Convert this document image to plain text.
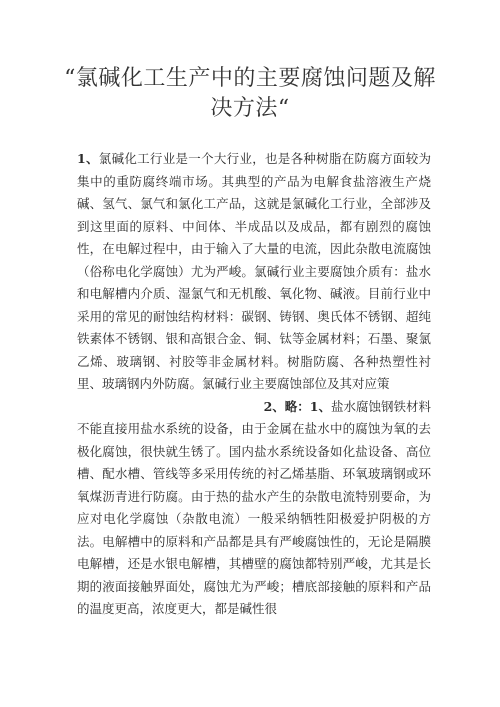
“氯碱化工生产中的主要腐蚀问题及解决方法“

1、氯碱化工行业是一个大行业，也是各种树脂在防腐方面较为集中的重防腐终端市场。其典型的产品为电解食盐溶液生产烧碱、氢气、氯气和氯化工产品，这就是氯碱化工行业，全部涉及到这里面的原料、中间体、半成品以及成品，都有剧烈的腐蚀性，在电解过程中，由于输入了大量的电流，因此杂散电流腐蚀（俗称电化学腐蚀）尤为严峻。氯碱行业主要腐蚀介质有：盐水和电解槽内介质、湿氯气和无机酸、氧化物、碱液。目前行业中采用的常见的耐蚀结构材料：碳钢、铸钢、奥氏体不锈钢、超纯铁素体不锈钢、银和高银合金、铜、钛等金属材料；石墨、聚氯乙烯、玻璃钢、衬胶等非金属材料。树脂防腐、各种热塑性衬里、玻璃钢内外防腐。氯碱行业主要腐蚀部位及其对应策

2、略：1、盐水腐蚀钢铁材料

不能直接用盐水系统的设备，由于金属在盐水中的腐蚀为氧的去极化腐蚀，很快就生锈了。国内盐水系统设备如化盐设备、高位槽、配水槽、管线等多采用传统的衬乙烯基脂、环氧玻璃钢或环氧煤沥青进行防腐。由于热的盐水产生的杂散电流特别要命，为应对电化学腐蚀（杂散电流）一般采纳牺牲阳极爱护阴极的方法。电解槽中的原料和产品都是具有严峻腐蚀性的，无论是隔膜电解槽，还是水银电解槽，其槽壁的腐蚀都特别严峻，尤其是长期的液面接触界面处，腐蚀尤为严峻；槽底部接触的原料和产品的温度更高，浓度更大，都是碱性很
